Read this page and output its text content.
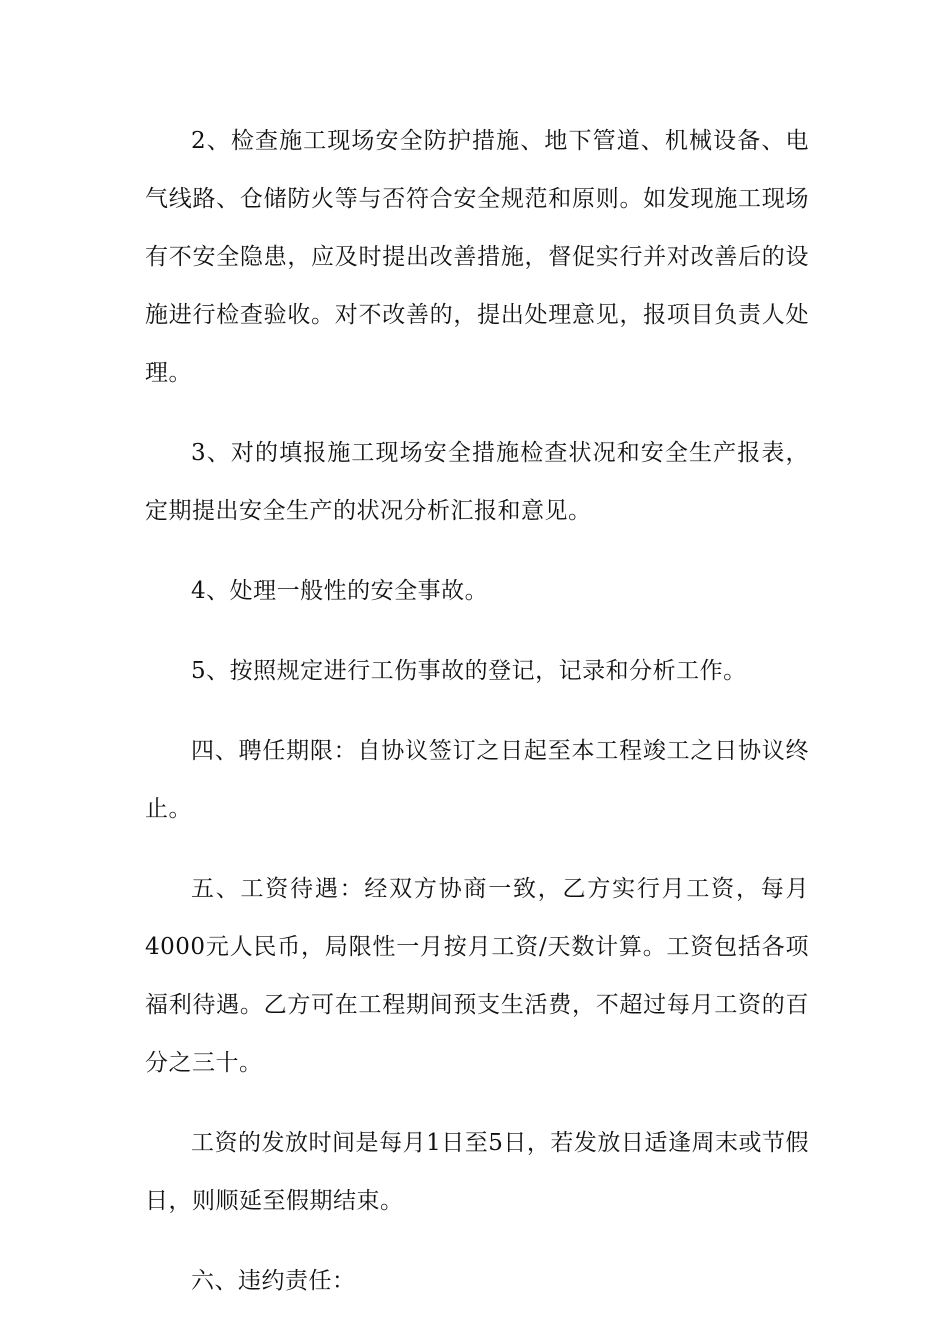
2、检查施工现场安全防护措施、地下管道、机械设备、电气线路、仓储防火等与否符合安全规范和原则。如发现施工现场有不安全隐患，应及时提出改善措施，督促实行并对改善后的设施进行检查验收。对不改善的，提出处理意见，报项目负责人处理。

3、对的填报施工现场安全措施检查状况和安全生产报表，定期提出安全生产的状况分析汇报和意见。

4、处理一般性的安全事故。

5、按照规定进行工伤事故的登记，记录和分析工作。

四、聘任期限：自协议签订之日起至本工程竣工之日协议终止。

五、工资待遇：经双方协商一致，乙方实行月工资，每月4000元人民币，局限性一月按月工资/天数计算。工资包括各项福利待遇。乙方可在工程期间预支生活费，不超过每月工资的百分之三十。

工资的发放时间是每月1日至5日，若发放日适逢周末或节假日，则顺延至假期结束。

六、违约责任：
